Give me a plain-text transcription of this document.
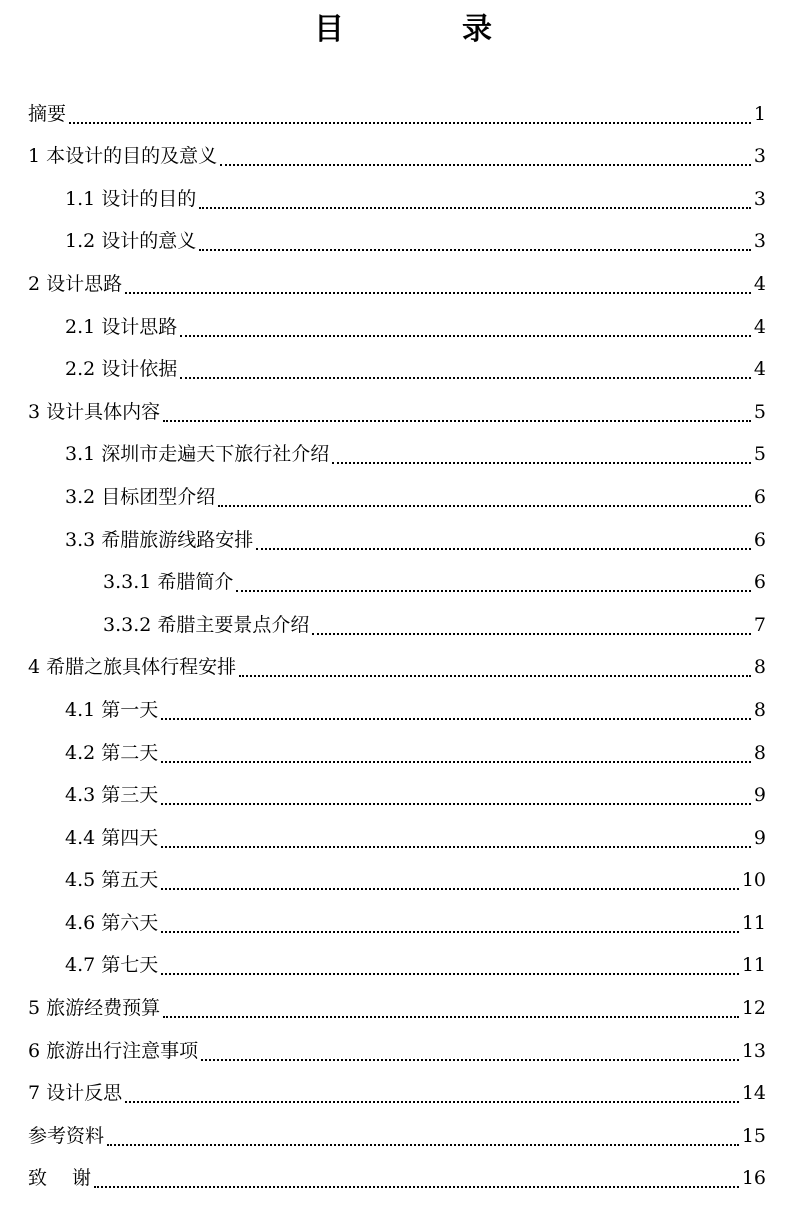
目　录
摘要	1
1 本设计的目的及意义	3
1.1 设计的目的	3
1.2 设计的意义	3
2 设计思路	4
2.1 设计思路	4
2.2 设计依据	4
3 设计具体内容	5
3.1 深圳市走遍天下旅行社介绍	5
3.2 目标团型介绍	6
3.3 希腊旅游线路安排	6
3.3.1 希腊简介	6
3.3.2 希腊主要景点介绍	7
4 希腊之旅具体行程安排	8
4.1 第一天	8
4.2 第二天	8
4.3 第三天	9
4.4 第四天	9
4.5 第五天	10
4.6 第六天	11
4.7 第七天	11
5 旅游经费预算	12
6 旅游出行注意事项	13
7 设计反思	14
参考资料	15
致　 谢	16
